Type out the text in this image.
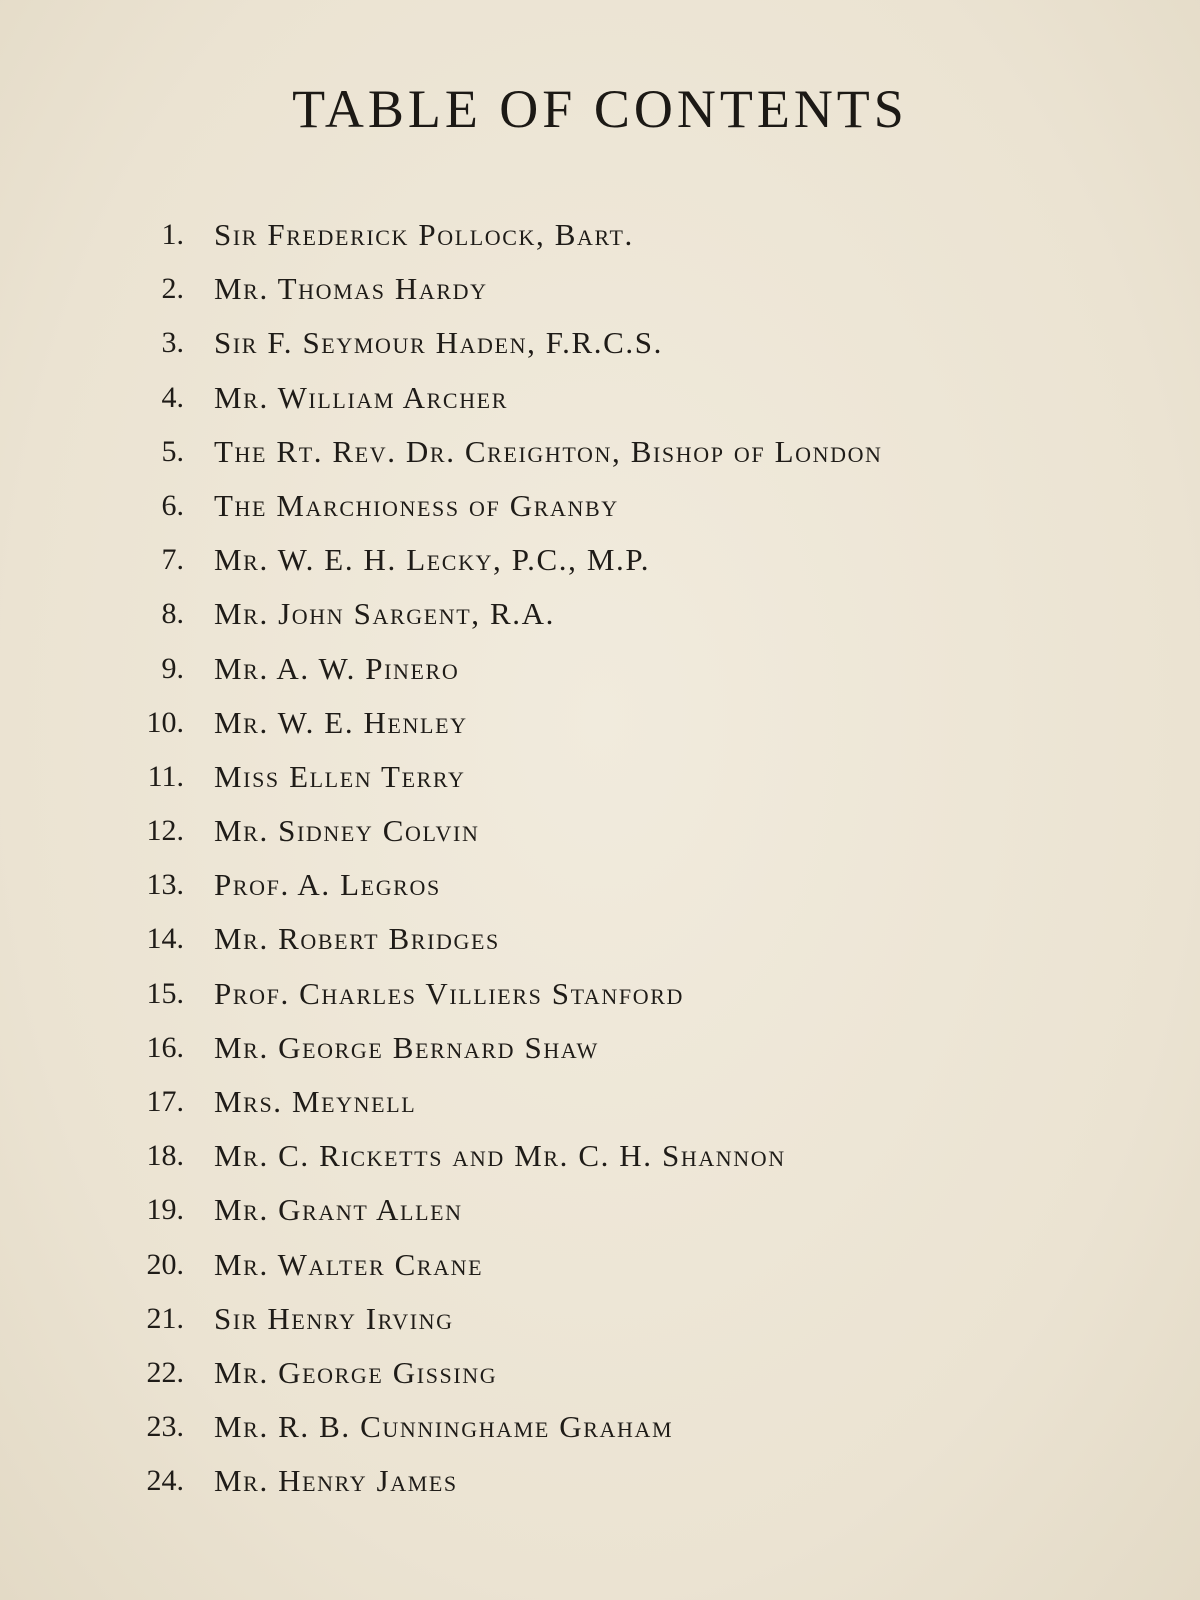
TABLE OF CONTENTS
1. Sir Frederick Pollock, Bart.
2. Mr. Thomas Hardy
3. Sir F. Seymour Haden, F.R.C.S.
4. Mr. William Archer
5. The Rt. Rev. Dr. Creighton, Bishop of London
6. The Marchioness of Granby
7. Mr. W. E. H. Lecky, P.C., M.P.
8. Mr. John Sargent, R.A.
9. Mr. A. W. Pinero
10. Mr. W. E. Henley
11. Miss Ellen Terry
12. Mr. Sidney Colvin
13. Prof. A. Legros
14. Mr. Robert Bridges
15. Prof. Charles Villiers Stanford
16. Mr. George Bernard Shaw
17. Mrs. Meynell
18. Mr. C. Ricketts and Mr. C. H. Shannon
19. Mr. Grant Allen
20. Mr. Walter Crane
21. Sir Henry Irving
22. Mr. George Gissing
23. Mr. R. B. Cunninghame Graham
24. Mr. Henry James
